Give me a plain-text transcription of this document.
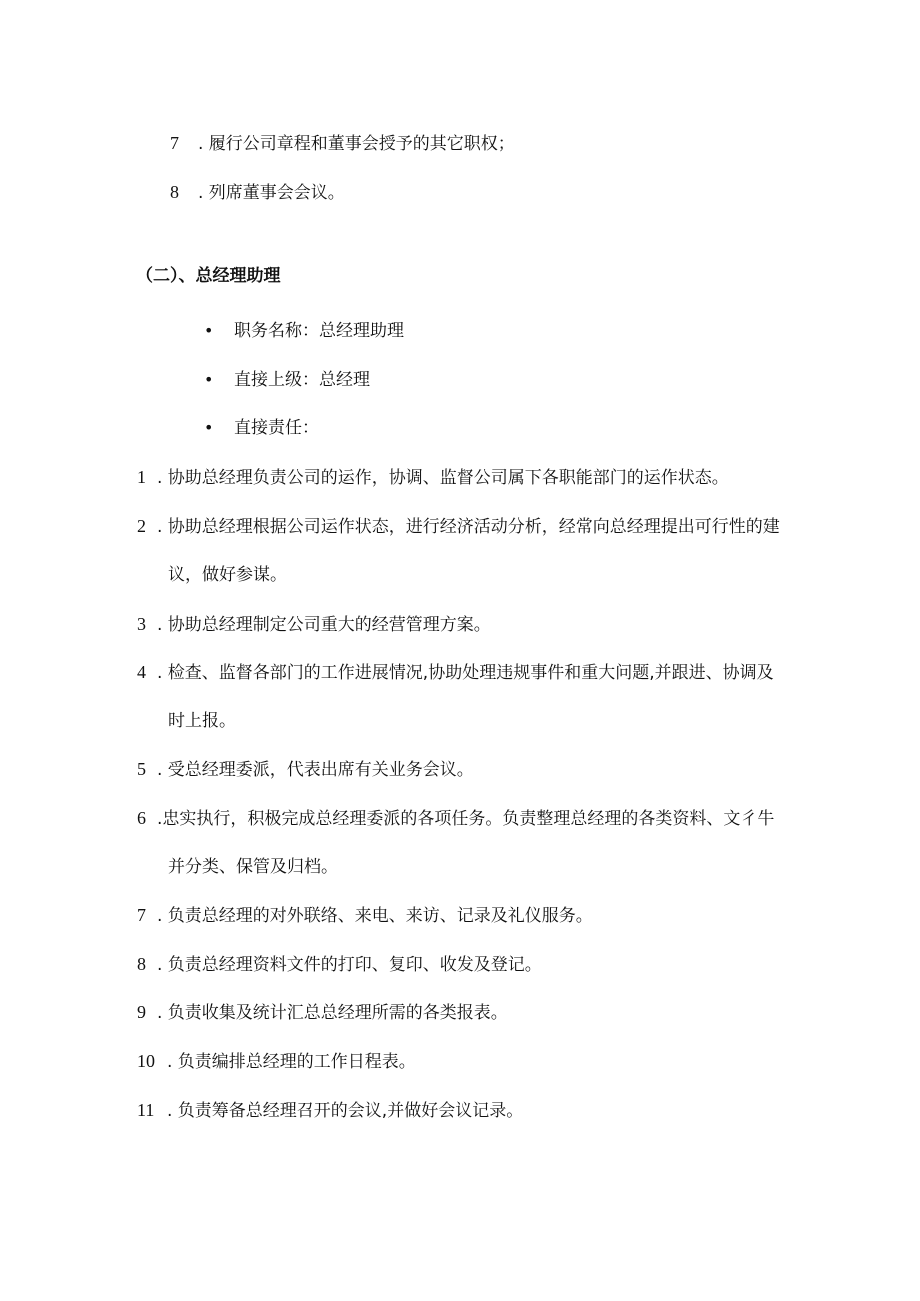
7 . 履行公司章程和董事会授予的其它职权；
8 . 列席董事会会议。
（二）、总经理助理
• 职务名称：总经理助理
• 直接上级：总经理
• 直接责任：
1 . 协助总经理负责公司的运作，协调、监督公司属下各职能部门的运作状态。
2 . 协助总经理根据公司运作状态，进行经济活动分析，经常向总经理提出可行性的建
议，做好参谋。
3 . 协助总经理制定公司重大的经营管理方案。
4 . 检查、监督各部门的工作进展情况,协助处理违规事件和重大问题,并跟进、协调及
时上报。
5 . 受总经理委派，代表出席有关业务会议。
6 .忠实执行，积极完成总经理委派的各项任务。负责整理总经理的各类资料、文彳牛
并分类、保管及归档。
7 . 负责总经理的对外联络、来电、来访、记录及礼仪服务。
8 . 负责总经理资料文件的打印、复印、收发及登记。
9 . 负责收集及统计汇总总经理所需的各类报表。
10 . 负责编排总经理的工作日程表。
11 . 负责筹备总经理召开的会议,并做好会议记录。
